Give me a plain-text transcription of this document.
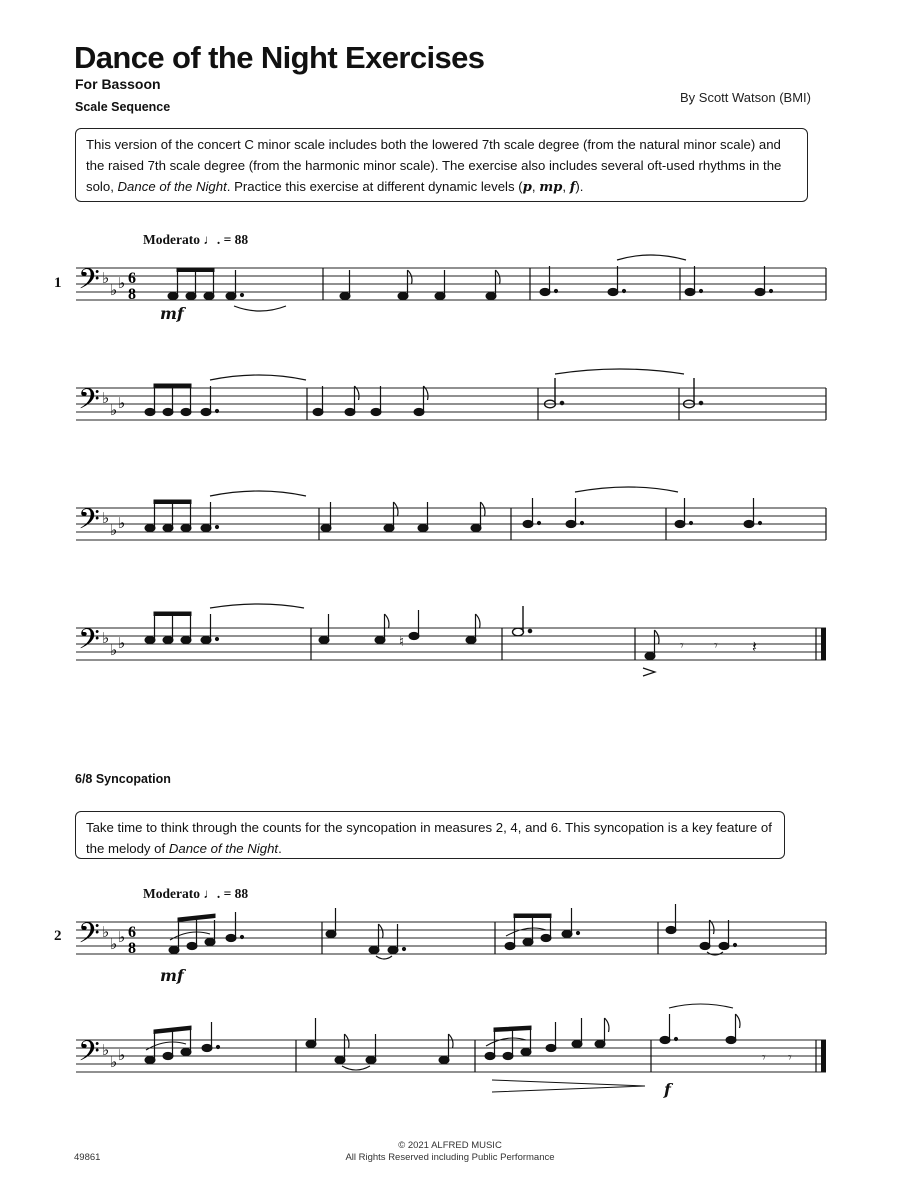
Dance of the Night Exercises
For Bassoon
Scale Sequence
By Scott Watson (BMI)
This version of the concert C minor scale includes both the lowered 7th scale degree (from the natural minor scale) and the raised 7th scale degree (from the harmonic minor scale). The exercise also includes several oft-used rhythms in the solo, Dance of the Night. Practice this exercise at different dynamic levels (p, mp, f).
Moderato ♩. = 88
1
mf
𝄢 ♭
♭ ♭ 6
8
𝄢 ♭
♭ ♭
𝄢 ♭
♭ ♭
𝄢 ♭
♭ ♭	♮	𝄾 𝄾 𝄽
6/8 Syncopation
Take time to think through the counts for the syncopation in measures 2, 4, and 6. This syncopation is a key feature of the melody of Dance of the Night.
Moderato ♩. = 88
2
mf
𝄢 ♭
♭ ♭ 6
8
𝄢 ♭
♭ ♭	𝄾 𝄾
f
49861
© 2021 ALFRED MUSIC
All Rights Reserved including Public Performance
